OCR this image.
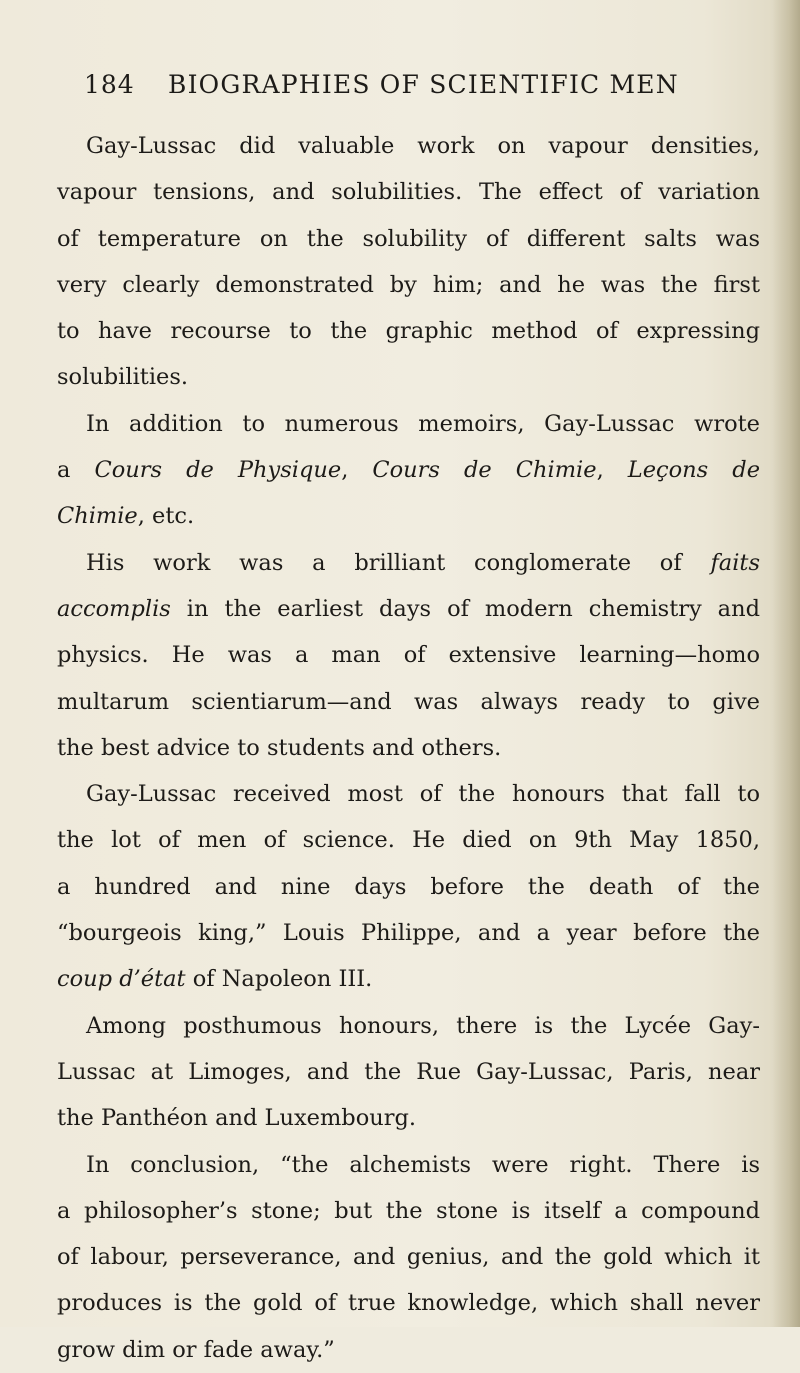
184 BIOGRAPHIES OF SCIENTIFIC MEN
Gay-Lussac did valuable work on vapour densities,
vapour tensions, and solubilities. The effect of variation
of temperature on the solubility of different salts was
very clearly demonstrated by him; and he was the first
to have recourse to the graphic method of expressing
solubilities.
In addition to numerous memoirs, Gay-Lussac wrote
a Cours de Physique, Cours de Chimie, Leçons de
Chimie, etc.
His work was a brilliant conglomerate of faits
accomplis in the earliest days of modern chemistry and
physics. He was a man of extensive learning—homo
multarum scientiarum—and was always ready to give
the best advice to students and others.
Gay-Lussac received most of the honours that fall to
the lot of men of science. He died on 9th May 1850,
a hundred and nine days before the death of the
“bourgeois king,” Louis Philippe, and a year before the
coup d’état of Napoleon III.
Among posthumous honours, there is the Lycée Gay-
Lussac at Limoges, and the Rue Gay-Lussac, Paris, near
the Panthéon and Luxembourg.
In conclusion, “the alchemists were right. There is
a philosopher’s stone; but the stone is itself a compound
of labour, perseverance, and genius, and the gold which it
produces is the gold of true knowledge, which shall never
grow dim or fade away.”
